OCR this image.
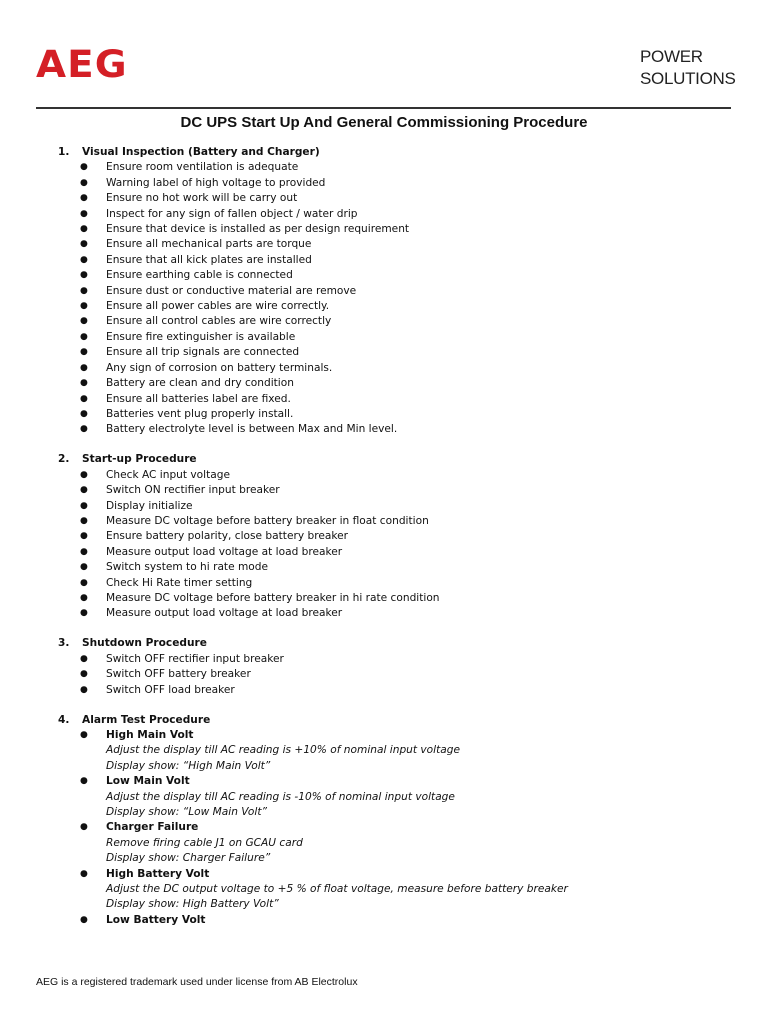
AEG	POWER
SOLUTIONS
DC UPS Start Up And General Commissioning Procedure
1.	Visual Inspection (Battery and Charger)
●	Ensure room ventilation is adequate
●	Warning label of high voltage to provided
●	Ensure no hot work will be carry out
●	Inspect for any sign of fallen object / water drip
●	Ensure that device is installed as per design requirement
●	Ensure all mechanical parts are torque
●	Ensure that all kick plates are installed
●	Ensure earthing cable is connected
●	Ensure dust or conductive material are remove
●	Ensure all power cables are wire correctly.
●	Ensure all control cables are wire correctly
●	Ensure fire extinguisher is available
●	Ensure all trip signals are connected
●	Any sign of corrosion on battery terminals.
●	Battery are clean and dry condition
●	Ensure all batteries label are fixed.
●	Batteries vent plug properly install.
●	Battery electrolyte level is between Max and Min level.
2.	Start-up Procedure
●	Check AC input voltage
●	Switch ON rectifier input breaker
●	Display initialize
●	Measure DC voltage before battery breaker in float condition
●	Ensure battery polarity, close battery breaker
●	Measure output load voltage at load breaker
●	Switch system to hi rate mode
●	Check Hi Rate timer setting
●	Measure DC voltage before battery breaker in hi rate condition
●	Measure output load voltage at load breaker
3.	Shutdown Procedure
●	Switch OFF rectifier input breaker
●	Switch OFF battery breaker
●	Switch OFF load breaker
4.	Alarm Test Procedure
●	High Main Volt
Adjust the display till AC reading is +10% of nominal input voltage
Display show: “High Main Volt”
●	Low Main Volt
Adjust the display till AC reading is -10% of nominal input voltage
Display show: “Low Main Volt”
●	Charger Failure
Remove firing cable J1 on GCAU card
Display show: Charger Failure”
●	High Battery Volt
Adjust the DC output voltage to +5 % of float voltage, measure before battery breaker
Display show: High Battery Volt”
●	Low Battery Volt
AEG is a registered trademark used under license from AB Electrolux
